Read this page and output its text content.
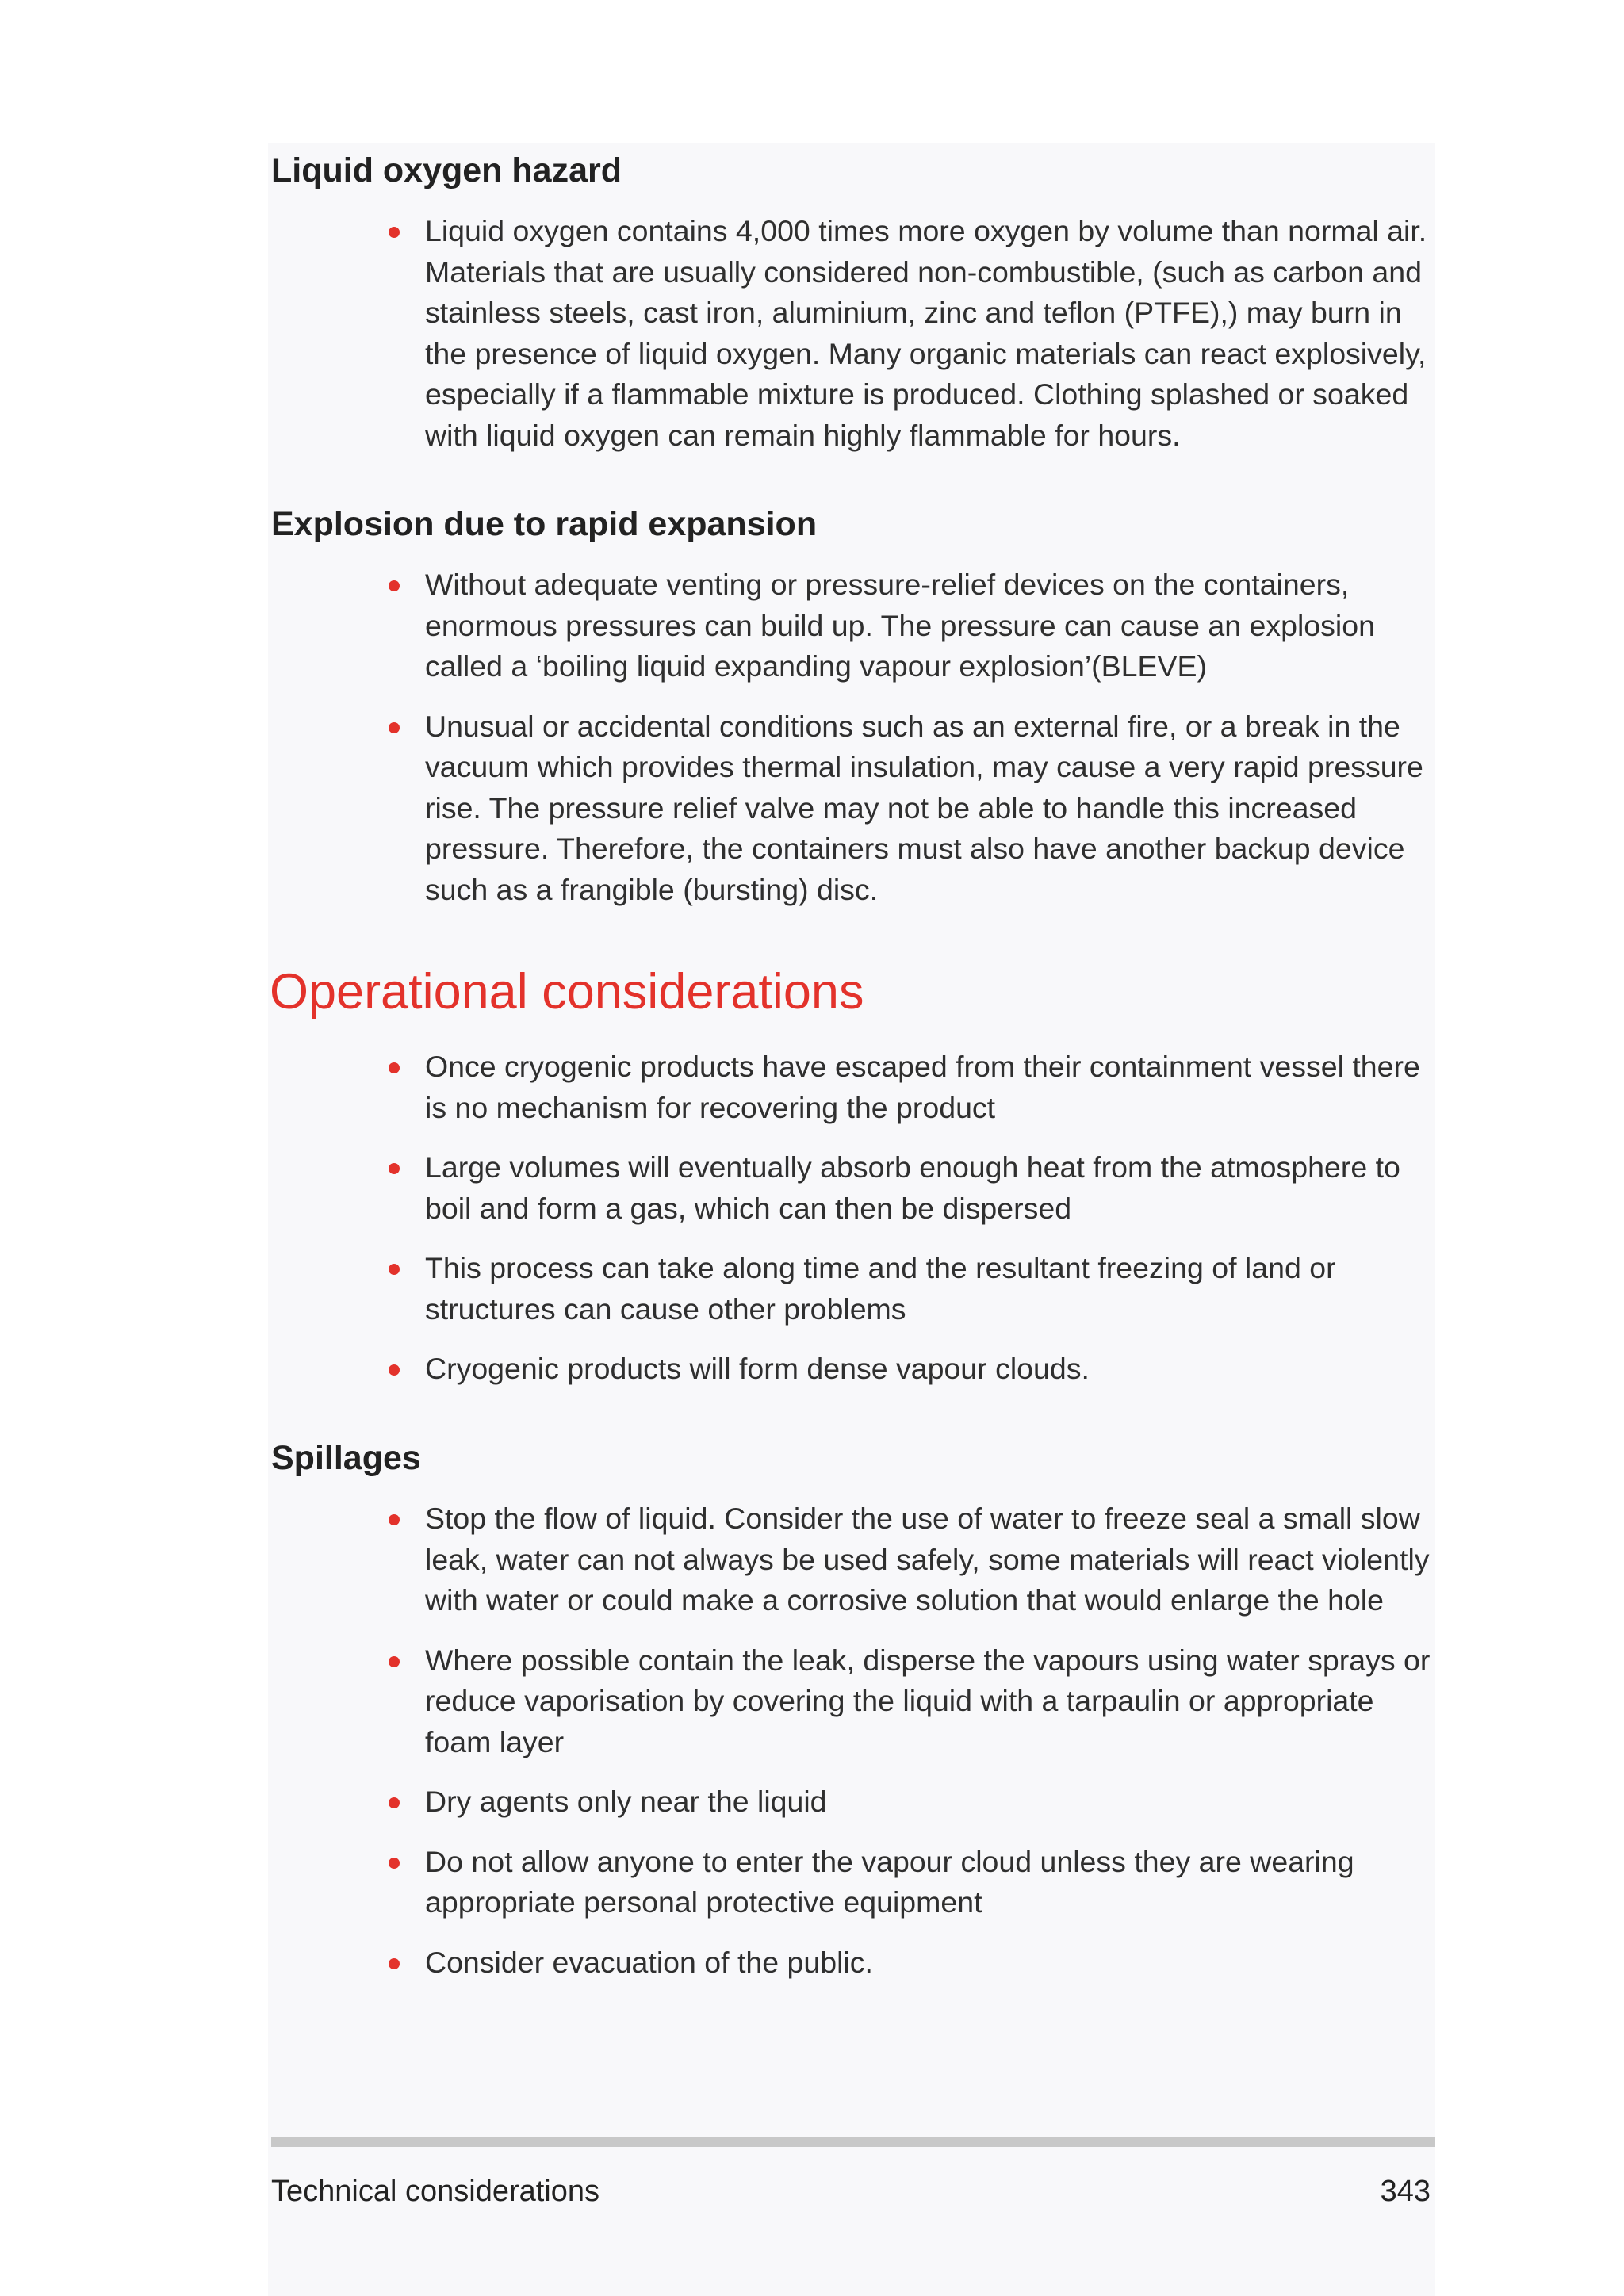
Liquid oxygen hazard
Liquid oxygen contains 4,000 times more oxygen by volume than normal air. Materials that are usually considered non-combustible, (such as carbon and stainless steels, cast iron, aluminium, zinc and teflon (PTFE),) may burn in the presence of liquid oxygen. Many organic materials can react explosively, especially if a flammable mixture is produced. Clothing splashed or soaked with liquid oxygen can remain highly flammable for hours.
Explosion due to rapid expansion
Without adequate venting or pressure-relief devices on the containers, enormous pressures can build up. The pressure can cause an explosion called a ‘boiling liquid expanding vapour explosion’(BLEVE)
Unusual or accidental conditions such as an external fire, or a break in the vacuum which provides thermal insulation, may cause a very rapid pressure rise. The pressure relief valve may not be able to handle this increased pressure. Therefore, the containers must also have another backup device such as a frangible (bursting) disc.
Operational considerations
Once cryogenic products have escaped from their containment vessel there is no mechanism for recovering the product
Large volumes will eventually absorb enough heat from the atmosphere to boil and form a gas, which can then be dispersed
This process can take along time and the resultant freezing of land or structures can cause other problems
Cryogenic products will form dense vapour clouds.
Spillages
Stop the flow of liquid. Consider the use of water to freeze seal a small slow leak, water can not always be used safely, some materials will react violently with water or could make a corrosive solution that would enlarge the hole
Where possible contain the leak, disperse the vapours using water sprays or reduce vaporisation by covering the liquid with a tarpaulin or appropriate foam layer
Dry agents only near the liquid
Do not allow anyone to enter the vapour cloud unless they are wearing appropriate personal protective equipment
Consider evacuation of the public.
Technical considerations	343
